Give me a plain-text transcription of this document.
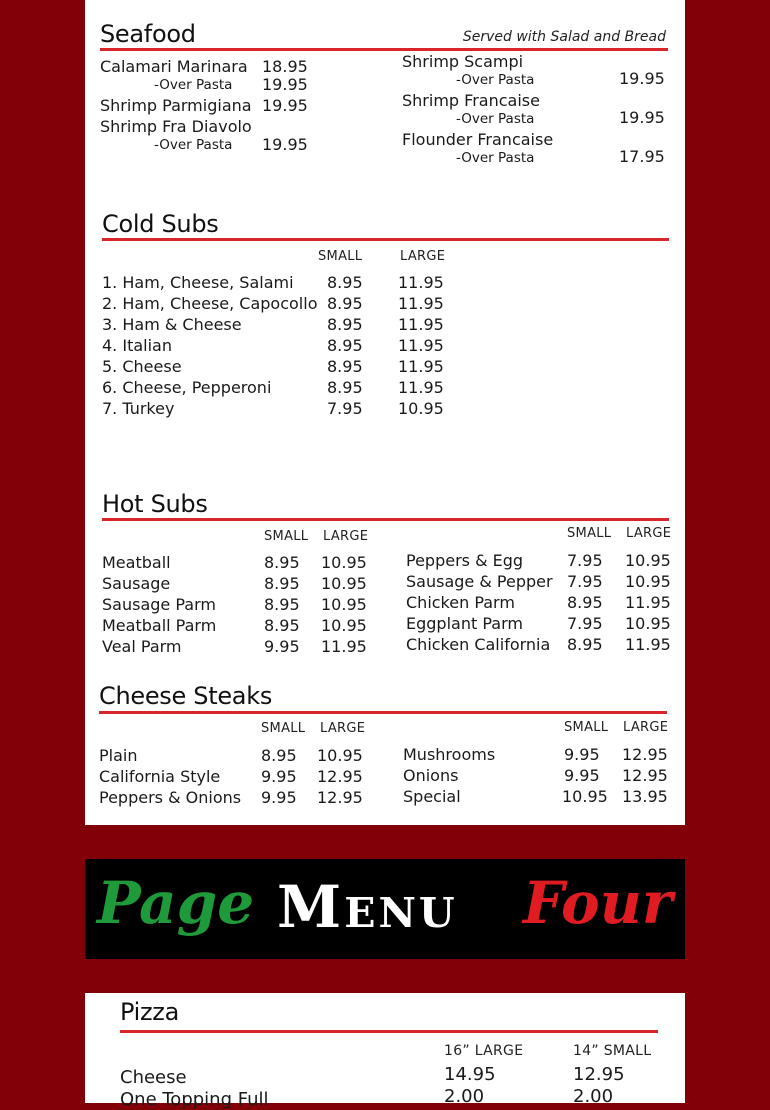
Seafood	Served with Salad and Bread
Calamari Marinara 18.95
-Over Pasta 19.95
Shrimp Parmigiana 19.95
Shrimp Fra Diavolo
-Over Pasta 19.95
Shrimp Scampi
-Over Pasta	19.95
Shrimp Francaise
-Over Pasta	19.95
Flounder Francaise
-Over Pasta	17.95
Cold Subs
SMALL	LARGE
1. Ham, Cheese, Salami 8.95 11.95
2. Ham, Cheese, Capocollo 8.95 11.95
3. Ham & Cheese	8.95 11.95
4. Italian	8.95 11.95
5. Cheese	8.95 11.95
6. Cheese, Pepperoni	8.95 11.95
7. Turkey	7.95 10.95
Hot Subs
SMALL LARGE	SMALL LARGE
Meatball	8.95 10.95
Sausage	8.95 10.95
Sausage Parm	8.95 10.95
Meatball Parm	8.95 10.95
Veal Parm	9.95 11.95
Peppers & Egg	7.95 10.95
Sausage & Pepper 7.95 10.95
Chicken Parm	8.95 11.95
Eggplant Parm	7.95 10.95
Chicken California 8.95 11.95
Cheese Steaks
SMALL LARGE	SMALL LARGE
Plain	8.95 10.95
California Style	9.95 12.95
Peppers & Onions 9.95 12.95
Mushrooms	9.95 12.95
Onions	9.95 12.95
Special	10.95 13.95
Page Menu Four
Pizza
16” LARGE	14” SMALL
Cheese	14.95	12.95
One Topping Full	2.00	2.00
